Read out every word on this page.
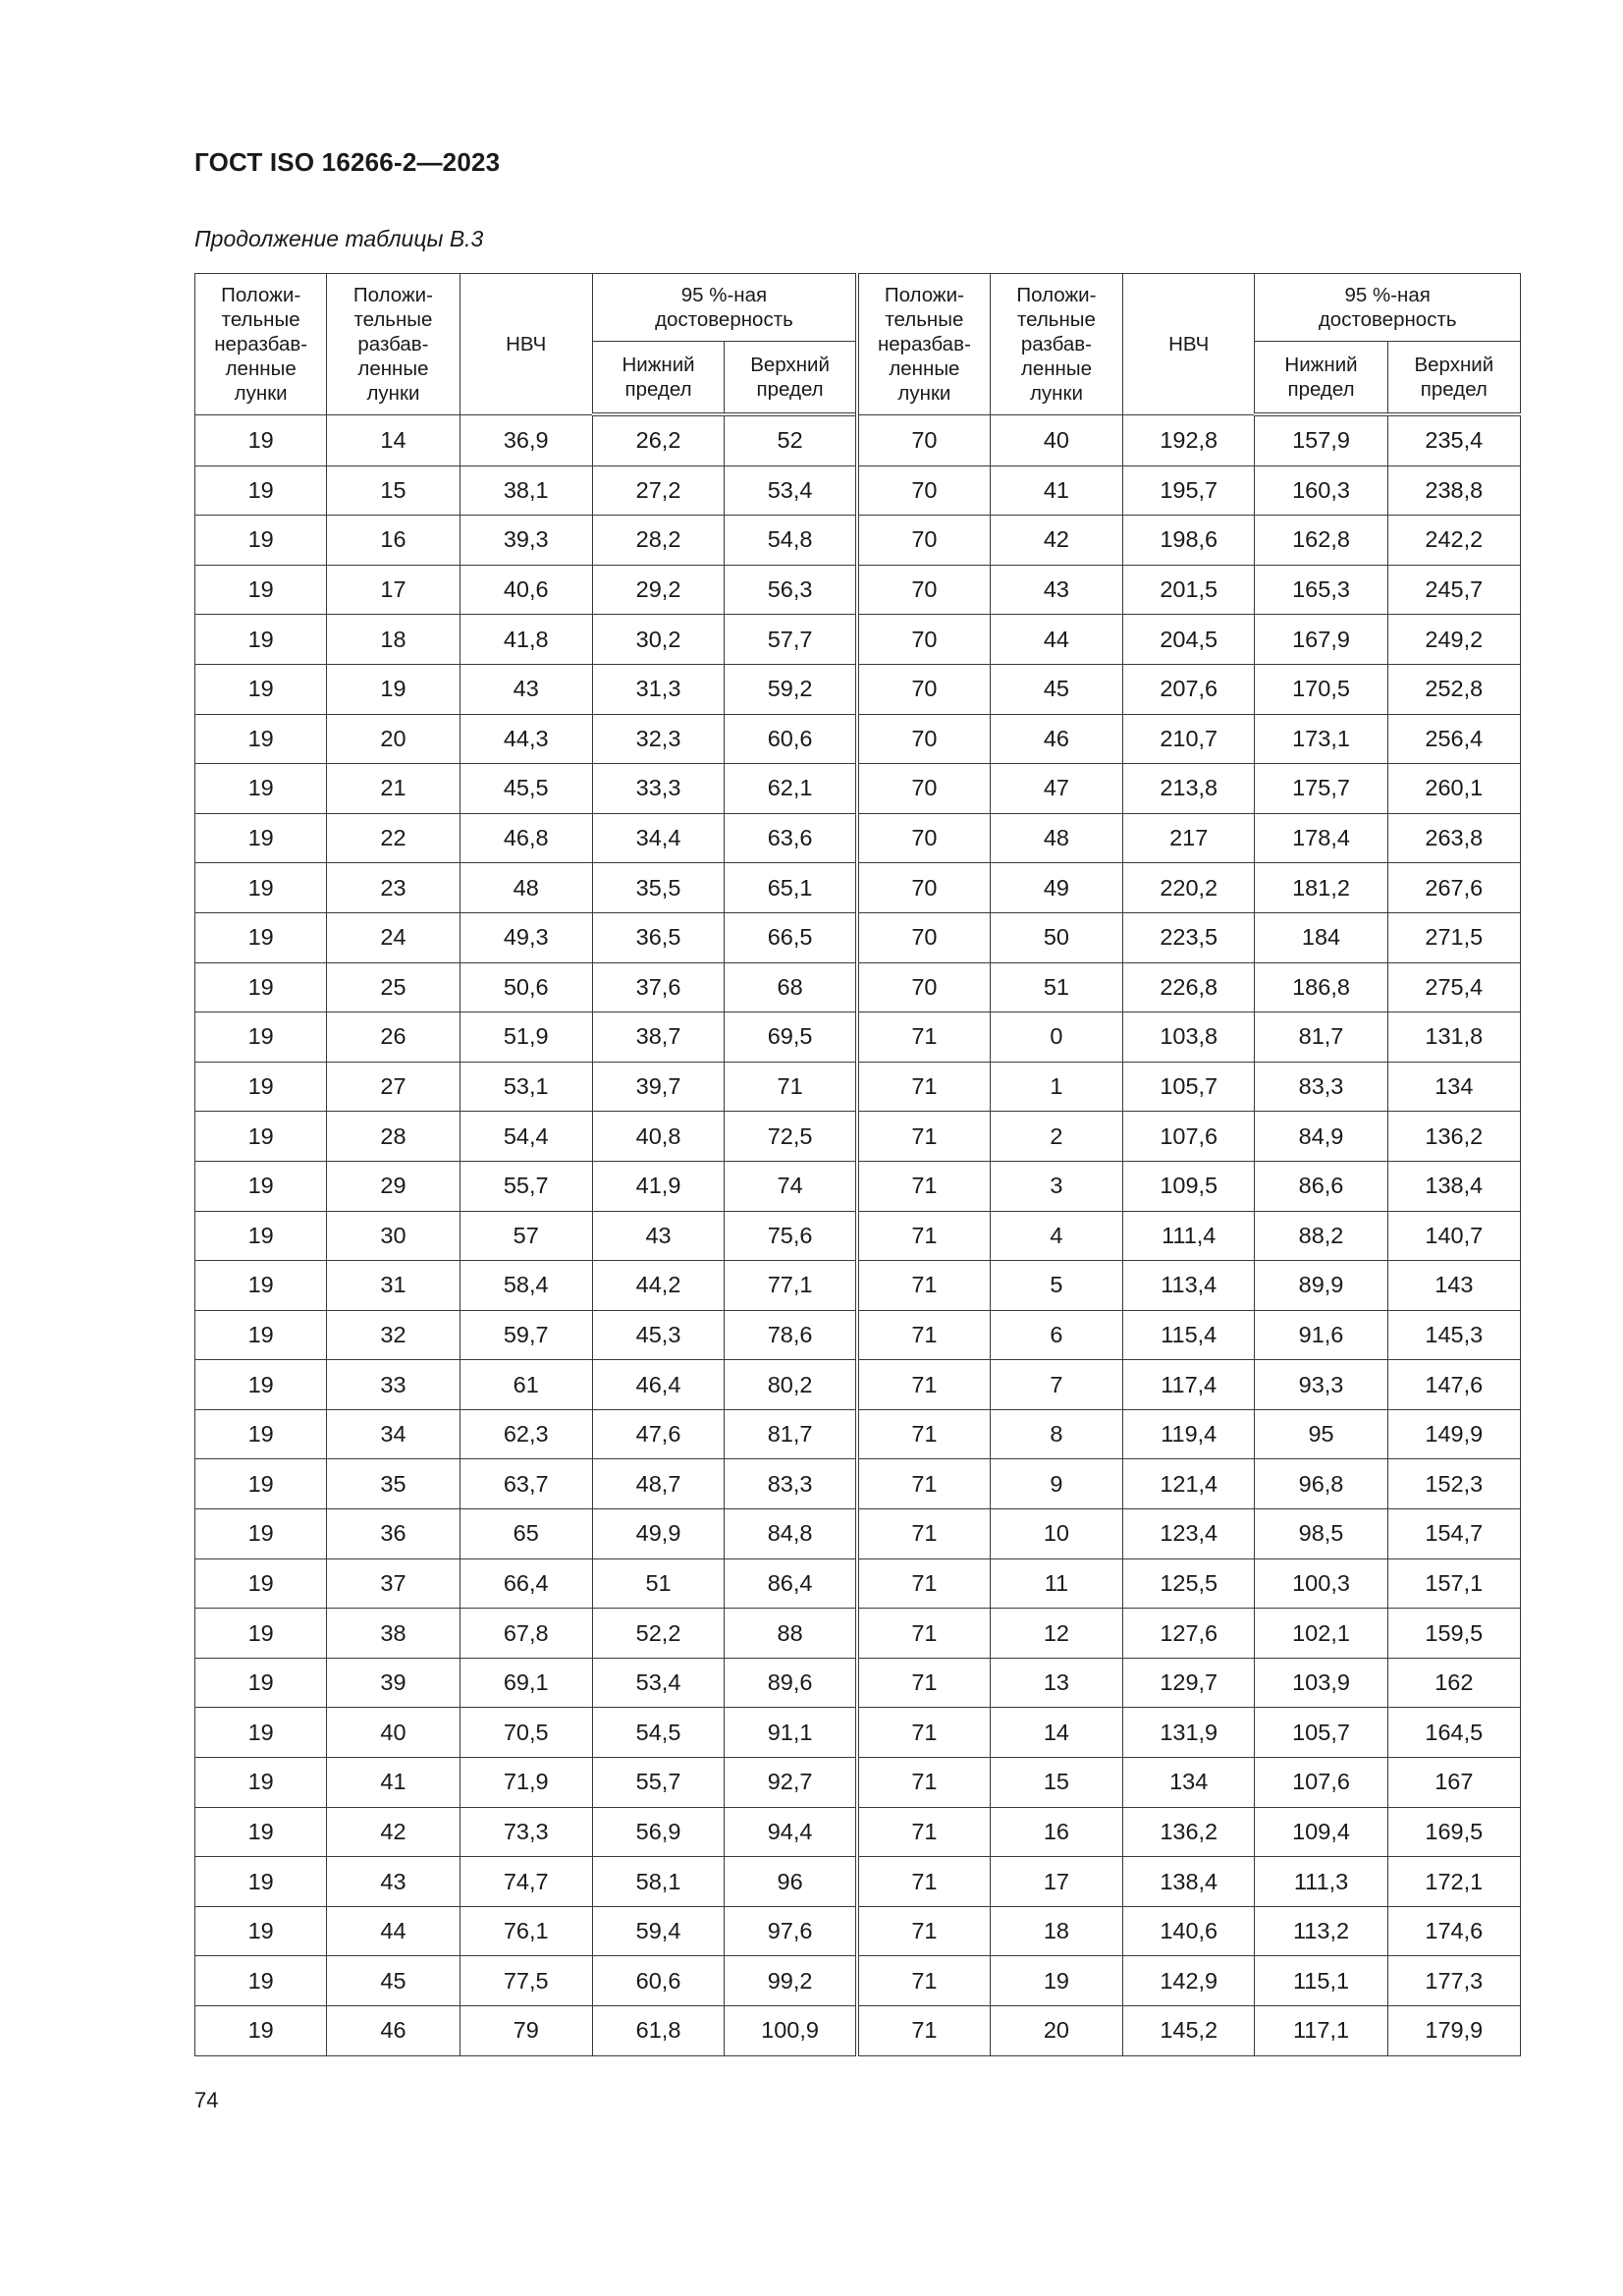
ГОСТ ISO 16266-2—2023
Продолжение таблицы В.3
Положи-
тельные
неразбав-
ленные
лунки	Положи-
тельные
разбав-
ленные
лунки	НВЧ	95 %-ная
достоверность		Положи-
тельные
неразбав-
ленные
лунки	Положи-
тельные
разбав-
ленные
лунки	НВЧ	95 %-ная
достоверность	
			Нижний
предел	Верхний
предел				Нижний
предел	Верхний
предел
19	14	36,9	26,2	52	70	40	192,8	157,9	235,4
19	15	38,1	27,2	53,4	70	41	195,7	160,3	238,8
19	16	39,3	28,2	54,8	70	42	198,6	162,8	242,2
19	17	40,6	29,2	56,3	70	43	201,5	165,3	245,7
19	18	41,8	30,2	57,7	70	44	204,5	167,9	249,2
19	19	43	31,3	59,2	70	45	207,6	170,5	252,8
19	20	44,3	32,3	60,6	70	46	210,7	173,1	256,4
19	21	45,5	33,3	62,1	70	47	213,8	175,7	260,1
19	22	46,8	34,4	63,6	70	48	217	178,4	263,8
19	23	48	35,5	65,1	70	49	220,2	181,2	267,6
19	24	49,3	36,5	66,5	70	50	223,5	184	271,5
19	25	50,6	37,6	68	70	51	226,8	186,8	275,4
19	26	51,9	38,7	69,5	71	0	103,8	81,7	131,8
19	27	53,1	39,7	71	71	1	105,7	83,3	134
19	28	54,4	40,8	72,5	71	2	107,6	84,9	136,2
19	29	55,7	41,9	74	71	3	109,5	86,6	138,4
19	30	57	43	75,6	71	4	111,4	88,2	140,7
19	31	58,4	44,2	77,1	71	5	113,4	89,9	143
19	32	59,7	45,3	78,6	71	6	115,4	91,6	145,3
19	33	61	46,4	80,2	71	7	117,4	93,3	147,6
19	34	62,3	47,6	81,7	71	8	119,4	95	149,9
19	35	63,7	48,7	83,3	71	9	121,4	96,8	152,3
19	36	65	49,9	84,8	71	10	123,4	98,5	154,7
19	37	66,4	51	86,4	71	11	125,5	100,3	157,1
19	38	67,8	52,2	88	71	12	127,6	102,1	159,5
19	39	69,1	53,4	89,6	71	13	129,7	103,9	162
19	40	70,5	54,5	91,1	71	14	131,9	105,7	164,5
19	41	71,9	55,7	92,7	71	15	134	107,6	167
19	42	73,3	56,9	94,4	71	16	136,2	109,4	169,5
19	43	74,7	58,1	96	71	17	138,4	111,3	172,1
19	44	76,1	59,4	97,6	71	18	140,6	113,2	174,6
19	45	77,5	60,6	99,2	71	19	142,9	115,1	177,3
19	46	79	61,8	100,9	71	20	145,2	117,1	179,9
74
